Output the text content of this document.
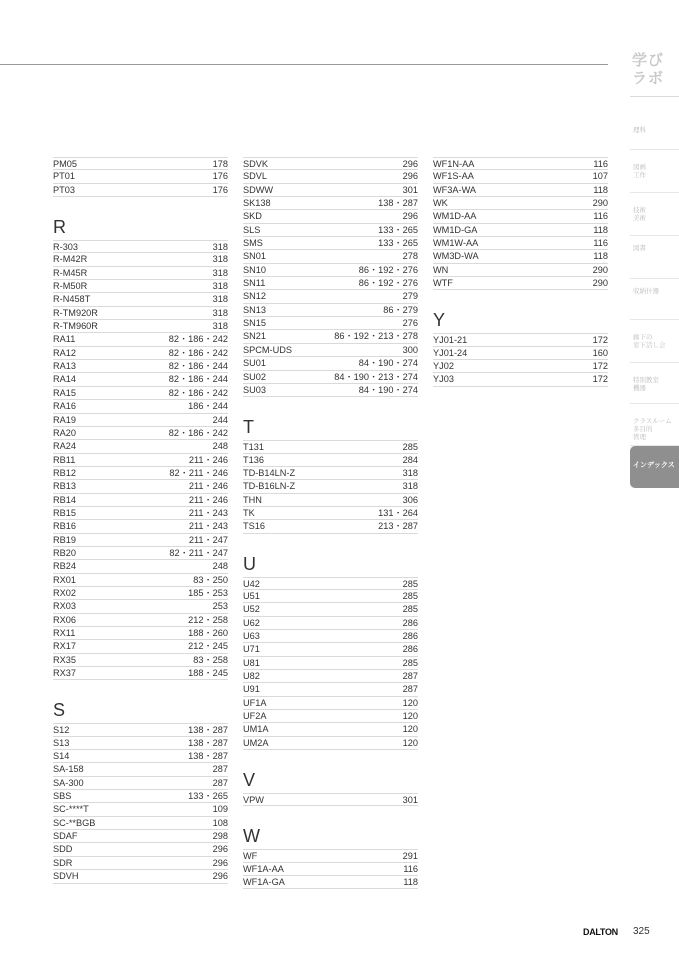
学び
ラボ
理科
図画
工作
技術
美術
図書
収納什器
廊下の
窓下活し会
特別教室
機器
クラスルーム
多目的
管理
インデックス
PM05	178
PT01	176
PT03	176
R
R-303	318
R-M42R	318
R-M45R	318
R-M50R	318
R-N458T	318
R-TM920R	318
R-TM960R	318
RA11	82・186・242
RA12	82・186・242
RA13	82・186・244
RA14	82・186・244
RA15	82・186・242
RA16	186・244
RA19	244
RA20	82・186・242
RA24	248
RB11	211・246
RB12	82・211・246
RB13	211・246
RB14	211・246
RB15	211・243
RB16	211・243
RB19	211・247
RB20	82・211・247
RB24	248
RX01	83・250
RX02	185・253
RX03	253
RX06	212・258
RX11	188・260
RX17	212・245
RX35	83・258
RX37	188・245
S
S12	138・287
S13	138・287
S14	138・287
SA-158	287
SA-300	287
SBS	133・265
SC-****T	109
SC-**BGB	108
SDAF	298
SDD	296
SDR	296
SDVH	296
SDVK	296
SDVL	296
SDWW	301
SK138	138・287
SKD	296
SLS	133・265
SMS	133・265
SN01	278
SN10	86・192・276
SN11	86・192・276
SN12	279
SN13	86・279
SN15	276
SN21	86・192・213・278
SPCM-UDS	300
SU01	84・190・274
SU02	84・190・213・274
SU03	84・190・274
T
T131	285
T136	284
TD-B14LN-Z	318
TD-B16LN-Z	318
THN	306
TK	131・264
TS16	213・287
U
U42	285
U51	285
U52	285
U62	286
U63	286
U71	286
U81	285
U82	287
U91	287
UF1A	120
UF2A	120
UM1A	120
UM2A	120
V
VPW	301
W
WF	291
WF1A-AA	116
WF1A-GA	118
WF1N-AA	116
WF1S-AA	107
WF3A-WA	118
WK	290
WM1D-AA	116
WM1D-GA	118
WM1W-AA	116
WM3D-WA	118
WN	290
WTF	290
Y
YJ01-21	172
YJ01-24	160
YJ02	172
YJ03	172
DALTON 325
